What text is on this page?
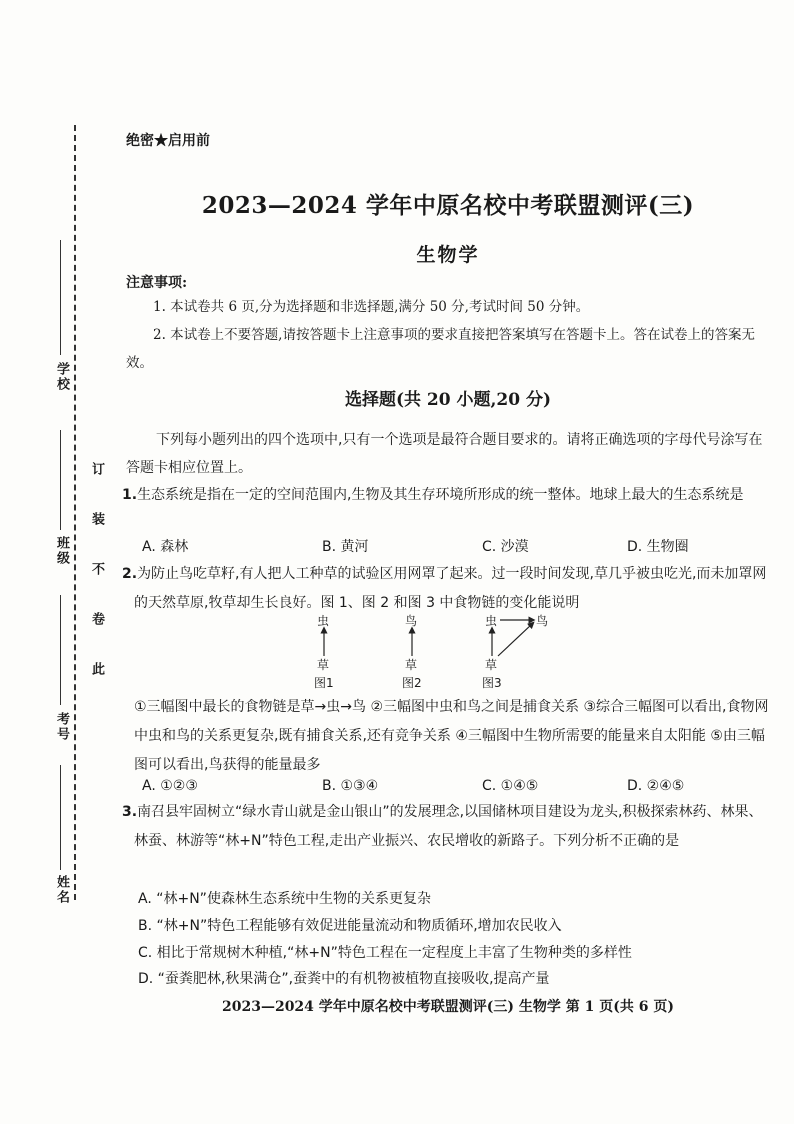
学校
班级
考号
姓名
订
装
不
卷
此
绝密★启用前
2023—2024 学年中原名校中考联盟测评(三)
生物学
注意事项:
1. 本试卷共 6 页,分为选择题和非选择题,满分 50 分,考试时间 50 分钟。
2. 本试卷上不要答题,请按答题卡上注意事项的要求直接把答案填写在答题卡上。答在试卷上的答案无效。
选择题(共 20 小题,20 分)
下列每小题列出的四个选项中,只有一个选项是最符合题目要求的。请将正确选项的字母代号涂写在答题卡相应位置上。
1.生态系统是指在一定的空间范围内,生物及其生存环境所形成的统一整体。地球上最大的生态系统是
A. 森林	B. 黄河	C. 沙漠	D. 生物圈
2.为防止鸟吃草籽,有人把人工种草的试验区用网罩了起来。过一段时间发现,草几乎被虫吃光,而未加罩网的天然草原,牧草却生长良好。图 1、图 2 和图 3 中食物链的变化能说明
虫
草
图1
鸟
草
图2
虫	鸟
草
图3
①三幅图中最长的食物链是草→虫→鸟 ②三幅图中虫和鸟之间是捕食关系 ③综合三幅图可以看出,食物网中虫和鸟的关系更复杂,既有捕食关系,还有竞争关系 ④三幅图中生物所需要的能量来自太阳能 ⑤由三幅图可以看出,鸟获得的能量最多
A. ①②③	B. ①③④	C. ①④⑤	D. ②④⑤
3.南召县牢固树立“绿水青山就是金山银山”的发展理念,以国储林项目建设为龙头,积极探索林药、林果、林蚕、林游等“林+N”特色工程,走出产业振兴、农民增收的新路子。下列分析不正确的是
A. “林+N”使森林生态系统中生物的关系更复杂
B. “林+N”特色工程能够有效促进能量流动和物质循环,增加农民收入
C. 相比于常规树木种植,“林+N”特色工程在一定程度上丰富了生物种类的多样性
D. “蚕粪肥林,秋果满仓”,蚕粪中的有机物被植物直接吸收,提高产量
2023—2024 学年中原名校中考联盟测评(三) 生物学 第 1 页(共 6 页)
